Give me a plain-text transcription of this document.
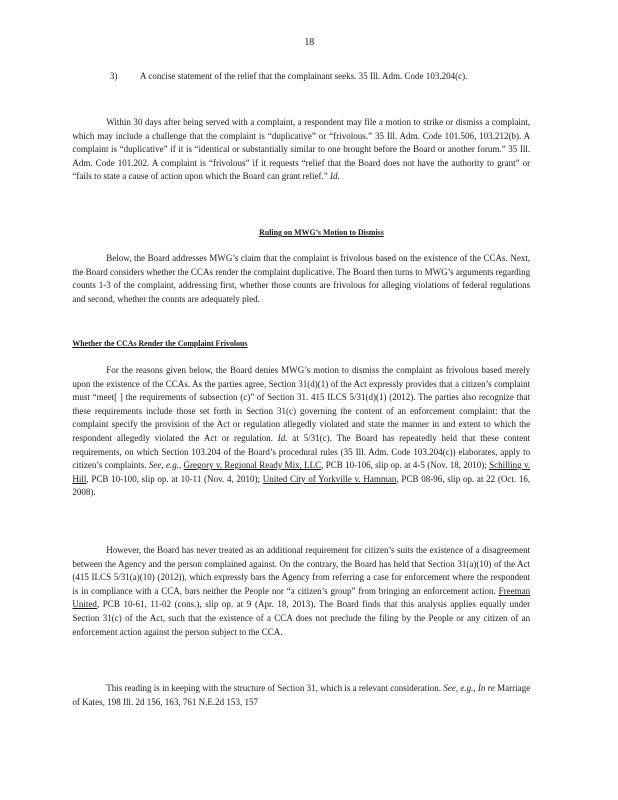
18
3) A concise statement of the relief that the complainant seeks. 35 Ill. Adm. Code 103.204(c).

Within 30 days after being served with a complaint, a respondent may file a motion to strike or dismiss a complaint, which may include a challenge that the complaint is “duplicative” or “frivolous.” 35 Ill. Adm. Code 101.506, 103.212(b). A complaint is “duplicative” if it is “identical or substantially similar to one brought before the Board or another forum.” 35 Ill. Adm. Code 101.202. A complaint is “frivolous” if it requests “relief that the Board does not have the authority to grant” or “fails to state a cause of action upon which the Board can grant relief.” Id.

Ruling on MWG’s Motion to Dismiss

Below, the Board addresses MWG’s claim that the complaint is frivolous based on the existence of the CCAs. Next, the Board considers whether the CCAs render the complaint duplicative. The Board then turns to MWG’s arguments regarding counts 1-3 of the complaint, addressing first, whether those counts are frivolous for alleging violations of federal regulations and second, whether the counts are adequately pled.

Whether the CCAs Render the Complaint Frivolous

For the reasons given below, the Board denies MWG’s motion to dismiss the complaint as frivolous based merely upon the existence of the CCAs. As the parties agree, Section 31(d)(1) of the Act expressly provides that a citizen’s complaint must “meet[ ] the requirements of subsection (c)” of Section 31. 415 ILCS 5/31(d)(1) (2012). The parties also recognize that these requirements include those set forth in Section 31(c) governing the content of an enforcement complaint: that the complaint specify the provision of the Act or regulation allegedly violated and state the manner in and extent to which the respondent allegedly violated the Act or regulation. Id. at 5/31(c). The Board has repeatedly held that these content requirements, on which Section 103.204 of the Board’s procedural rules (35 Ill. Adm. Code 103.204(c)) elaborates, apply to citizen’s complaints. See, e.g., Gregory v. Regional Ready Mix, LLC, PCB 10-106, slip op. at 4-5 (Nov. 18, 2010); Schilling v. Hill, PCB 10-100, slip op. at 10-11 (Nov. 4, 2010); United City of Yorkville v. Hamman, PCB 08-96, slip op. at 22 (Oct. 16, 2008).

However, the Board has never treated as an additional requirement for citizen’s suits the existence of a disagreement between the Agency and the person complained against. On the contrary, the Board has held that Section 31(a)(10) of the Act (415 ILCS 5/31(a)(10) (2012)), which expressly bars the Agency from referring a case for enforcement where the respondent is in compliance with a CCA, bars neither the People nor “a citizen’s group” from bringing an enforcement action. Freeman United, PCB 10-61, 11-02 (cons.), slip op. at 9 (Apr. 18, 2013). The Board finds that this analysis applies equally under Section 31(c) of the Act, such that the existence of a CCA does not preclude the filing by the People or any citizen of an enforcement action against the person subject to the CCA.

This reading is in keeping with the structure of Section 31, which is a relevant consideration. See, e.g., In re Marriage of Kates, 198 Ill. 2d 156, 163, 761 N.E.2d 153, 157
